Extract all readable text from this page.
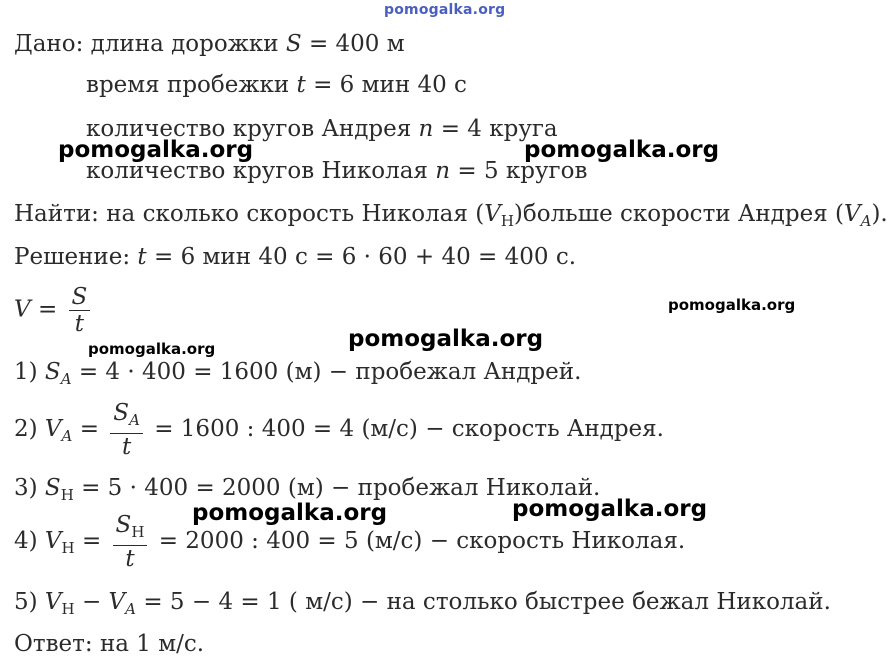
pomogalka.org
Дано: длина дорожки S = 400 м
время пробежки t = 6 мин 40 с
количество кругов Андрея n = 4 круга
количество кругов Николая n = 5 кругов
pomogalka.org	pomogalka.org
Найти: на сколько скорость Николая $(V_Н)больше$ скорости Андрея $(V_A)$.
Решение: t = 6 мин 40 с = 6 · 60 + 40 = 400 с.
$V = \frac{S}{t}$	pomogalka.org
pomogalka.org
pomogalka.org
1) $S_A = 4 \cdot 400 = 1600$ (м) − пробежал Андрей.
2) $V_A = \frac{S_A}{t} = 1600$ : 400 = 4 (м/с) − скорость Андрея.
3) $S_Н = 5 \cdot 400 = 2000$ (м) − пробежал Николай.
pomogalka.org	pomogalka.org
4) $V_Н = \frac{S_Н}{t} = 2000$ : 400 = 5 (м/с) − скорость Николая.
5) $V_Н - V_A = 5 - 4 = 1$ ( м/с) − на столько быстрее бежал Николай.
Ответ: на 1 м/с.
